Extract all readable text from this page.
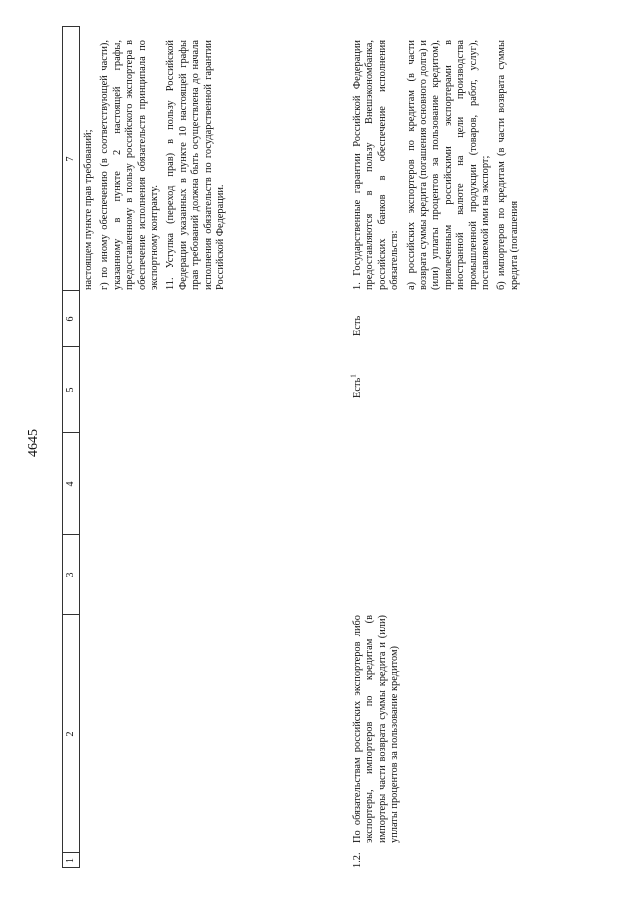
4645
1
2
3
4
5
6
7 настоящем пункте прав требований; г) по иному обеспечению (в соответствующей части), указанному в пункте 2 настоящей графы, предоставленному в пользу российского экспортера в обеспечение исполнения обязательств принципала по экспортному контракту. 11. Уступка (переход прав) в пользу Российской Федерации указанных в пункте 10 настоящей графы прав требований должна быть осуществлена до начала исполнения обязательств по государственной гарантии Российской Федерации.

1.2.
По обязательствам российских экспортеров либо экспортеры, импортеров по кредитам (в импортеры части возврата суммы кредита и (или) уплаты процентов за пользование кредитом)
Есть$^1$
Есть

1. Государственные гарантии Российской Федерации предоставляются в пользу Внешэкономбанка, российских банков в обеспечение исполнения обязательств: а) российских экспортеров по кредитам (в части возврата суммы кредита (погашения основного долга) и (или) уплаты процентов за пользование кредитом), привлеченным российскими экспортерами в иностранной валюте на цели производства промышленной продукции (товаров, работ, услуг), поставляемой ими на экспорт; б) импортеров по кредитам (в части возврата суммы кредита (погашения
